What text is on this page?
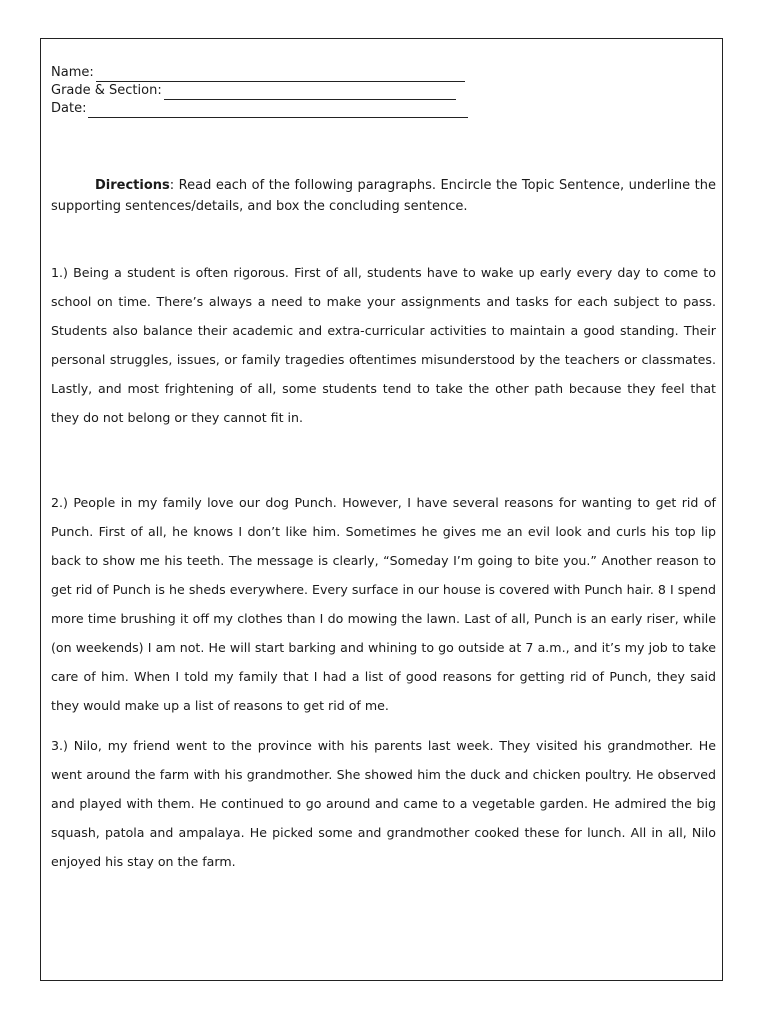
Name:
Grade & Section:
Date:
Directions: Read each of the following paragraphs. Encircle the Topic Sentence, underline the supporting sentences/details, and box the concluding sentence.

1.) Being a student is often rigorous. First of all, students have to wake up early every day to come to school on time. There’s always a need to make your assignments and tasks for each subject to pass. Students also balance their academic and extra-curricular activities to maintain a good standing. Their personal struggles, issues, or family tragedies oftentimes misunderstood by the teachers or classmates. Lastly, and most frightening of all, some students tend to take the other path because they feel that they do not belong or they cannot fit in.

2.) People in my family love our dog Punch. However, I have several reasons for wanting to get rid of Punch. First of all, he knows I don’t like him. Sometimes he gives me an evil look and curls his top lip back to show me his teeth. The message is clearly, “Someday I’m going to bite you.” Another reason to get rid of Punch is he sheds everywhere. Every surface in our house is covered with Punch hair. 8 I spend more time brushing it off my clothes than I do mowing the lawn. Last of all, Punch is an early riser, while (on weekends) I am not. He will start barking and whining to go outside at 7 a.m., and it’s my job to take care of him. When I told my family that I had a list of good reasons for getting rid of Punch, they said they would make up a list of reasons to get rid of me.

3.) Nilo, my friend went to the province with his parents last week. They visited his grandmother. He went around the farm with his grandmother. She showed him the duck and chicken poultry. He observed and played with them. He continued to go around and came to a vegetable garden. He admired the big squash, patola and ampalaya. He picked some and grandmother cooked these for lunch. All in all, Nilo enjoyed his stay on the farm.
